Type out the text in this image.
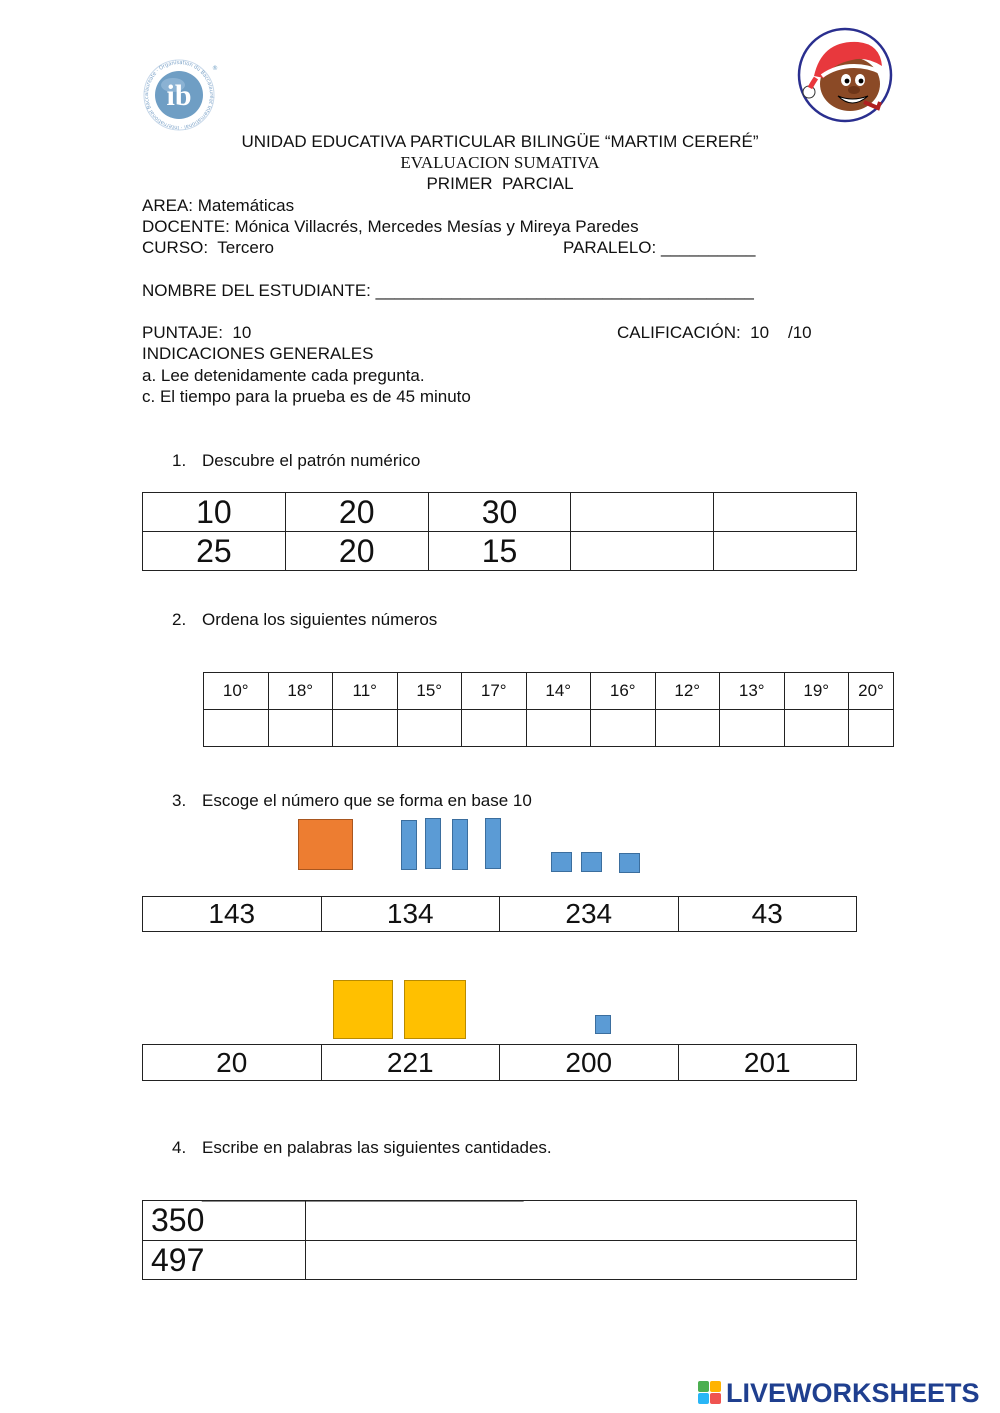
International Baccalaureate · Organisation du Baccalauréat International ·
ib
®
UNIDAD EDUCATIVA PARTICULAR BILINGÜE “MARTIM CERERÉ”
EVALUACION SUMATIVA
PRIMER  PARCIAL
AREA: Matemáticas
DOCENTE: Mónica Villacrés, Mercedes Mesías y Mireya Paredes
CURSO:  Tercero	PARALELO: __________
NOMBRE DEL ESTUDIANTE: ________________________________________
PUNTAJE:  10	CALIFICACIÓN:  10    /10
INDICACIONES GENERALES
a. Lee detenidamente cada pregunta.
c. El tiempo para la prueba es de 45 minuto
1. Descubre el patrón numérico
10	20	30		
25	20	15		
2. Ordena los siguientes números
10°	18°	11°	15°	17°	14°	16°	12°	13°	19°	20°

3. Escoge el número que se forma en base 10
143	134	234	43
20	221	200	201
4. Escribe en palabras las siguientes cantidades.
__________________________________
350	
497	

LIVEWORKSHEETS
